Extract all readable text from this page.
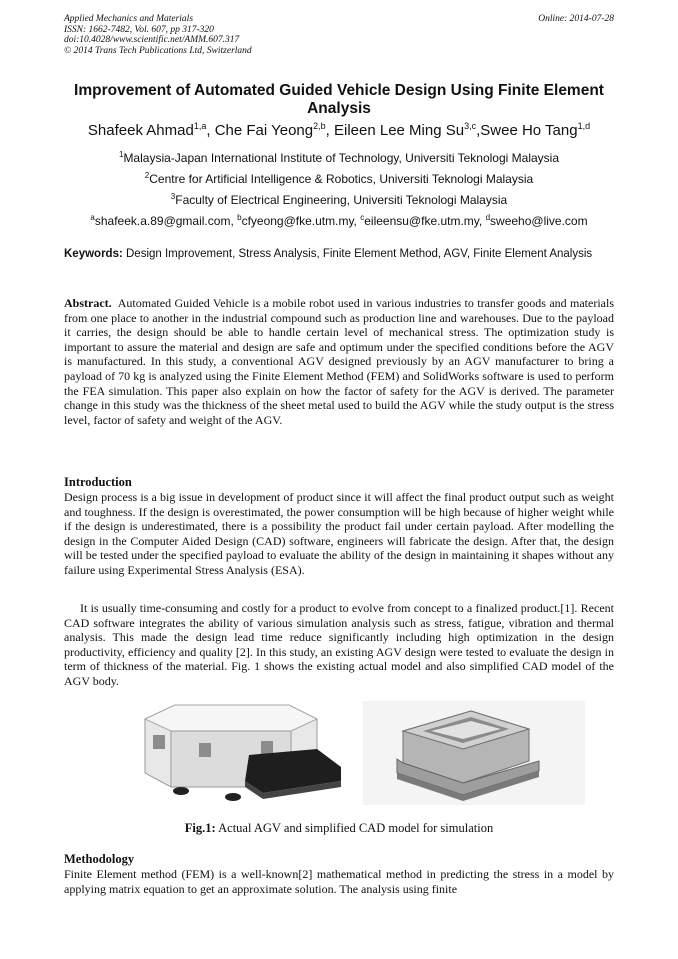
Applied Mechanics and Materials
ISSN: 1662-7482, Vol. 607, pp 317-320
doi:10.4028/www.scientific.net/AMM.607.317
© 2014 Trans Tech Publications Ltd, Switzerland
Online: 2014-07-28
Improvement of Automated Guided Vehicle Design Using Finite Element Analysis
Shafeek Ahmad$^{1,a}$, Che Fai Yeong$^{2,b}$, Eileen Lee Ming Su$^{3,c}$,Swee Ho Tang$^{1,d}$
$^1$Malaysia-Japan International Institute of Technology, Universiti Teknologi Malaysia
$^2$Centre for Artificial Intelligence & Robotics, Universiti Teknologi Malaysia
$^3$Faculty of Electrical Engineering, Universiti Teknologi Malaysia
$^a$shafeek.a.89@gmail.com, $^b$cfyeong@fke.utm.my, $^c$eileensu@fke.utm.my, $^d$sweeho@live.com
Keywords: Design Improvement, Stress Analysis, Finite Element Method, AGV, Finite Element Analysis
Abstract. Automated Guided Vehicle is a mobile robot used in various industries to transfer goods and materials from one place to another in the industrial compound such as production line and warehouses. Due to the payload it carries, the design should be able to handle certain level of mechanical stress. The optimization study is important to assure the material and design are safe and optimum under the specified conditions before the AGV is manufactured. In this study, a conventional AGV designed previously by an AGV manufacturer to bring a payload of 70 kg is analyzed using the Finite Element Method (FEM) and SolidWorks software is used to perform the FEA simulation. This paper also explain on how the factor of safety for the AGV is derived. The parameter change in this study was the thickness of the sheet metal used to build the AGV while the study output is the stress level, factor of safety and weight of the AGV.
Introduction
Design process is a big issue in development of product since it will affect the final product output such as weight and toughness. If the design is overestimated, the power consumption will be high because of higher weight while if the design is underestimated, there is a possibility the product fail under certain payload. After modelling the design in the Computer Aided Design (CAD) software, engineers will fabricate the design. After that, the design will be tested under the specified payload to evaluate the ability of the design in maintaining it shapes without any failure using Experimental Stress Analysis (ESA).
It is usually time-consuming and costly for a product to evolve from concept to a finalized product.[1]. Recent CAD software integrates the ability of various simulation analysis such as stress, fatigue, vibration and thermal analysis. This made the design lead time reduce significantly including high optimization in the design productivity, efficiency and quality [2]. In this study, an existing AGV design were tested to evaluate the design in term of thickness of the material. Fig. 1 shows the existing actual model and also simplified CAD model of the AGV body.
Fig.1: Actual AGV and simplified CAD model for simulation
Methodology
Finite Element method (FEM) is a well-known[2] mathematical method in predicting the stress in a model by applying matrix equation to get an approximate solution. The analysis using finite
